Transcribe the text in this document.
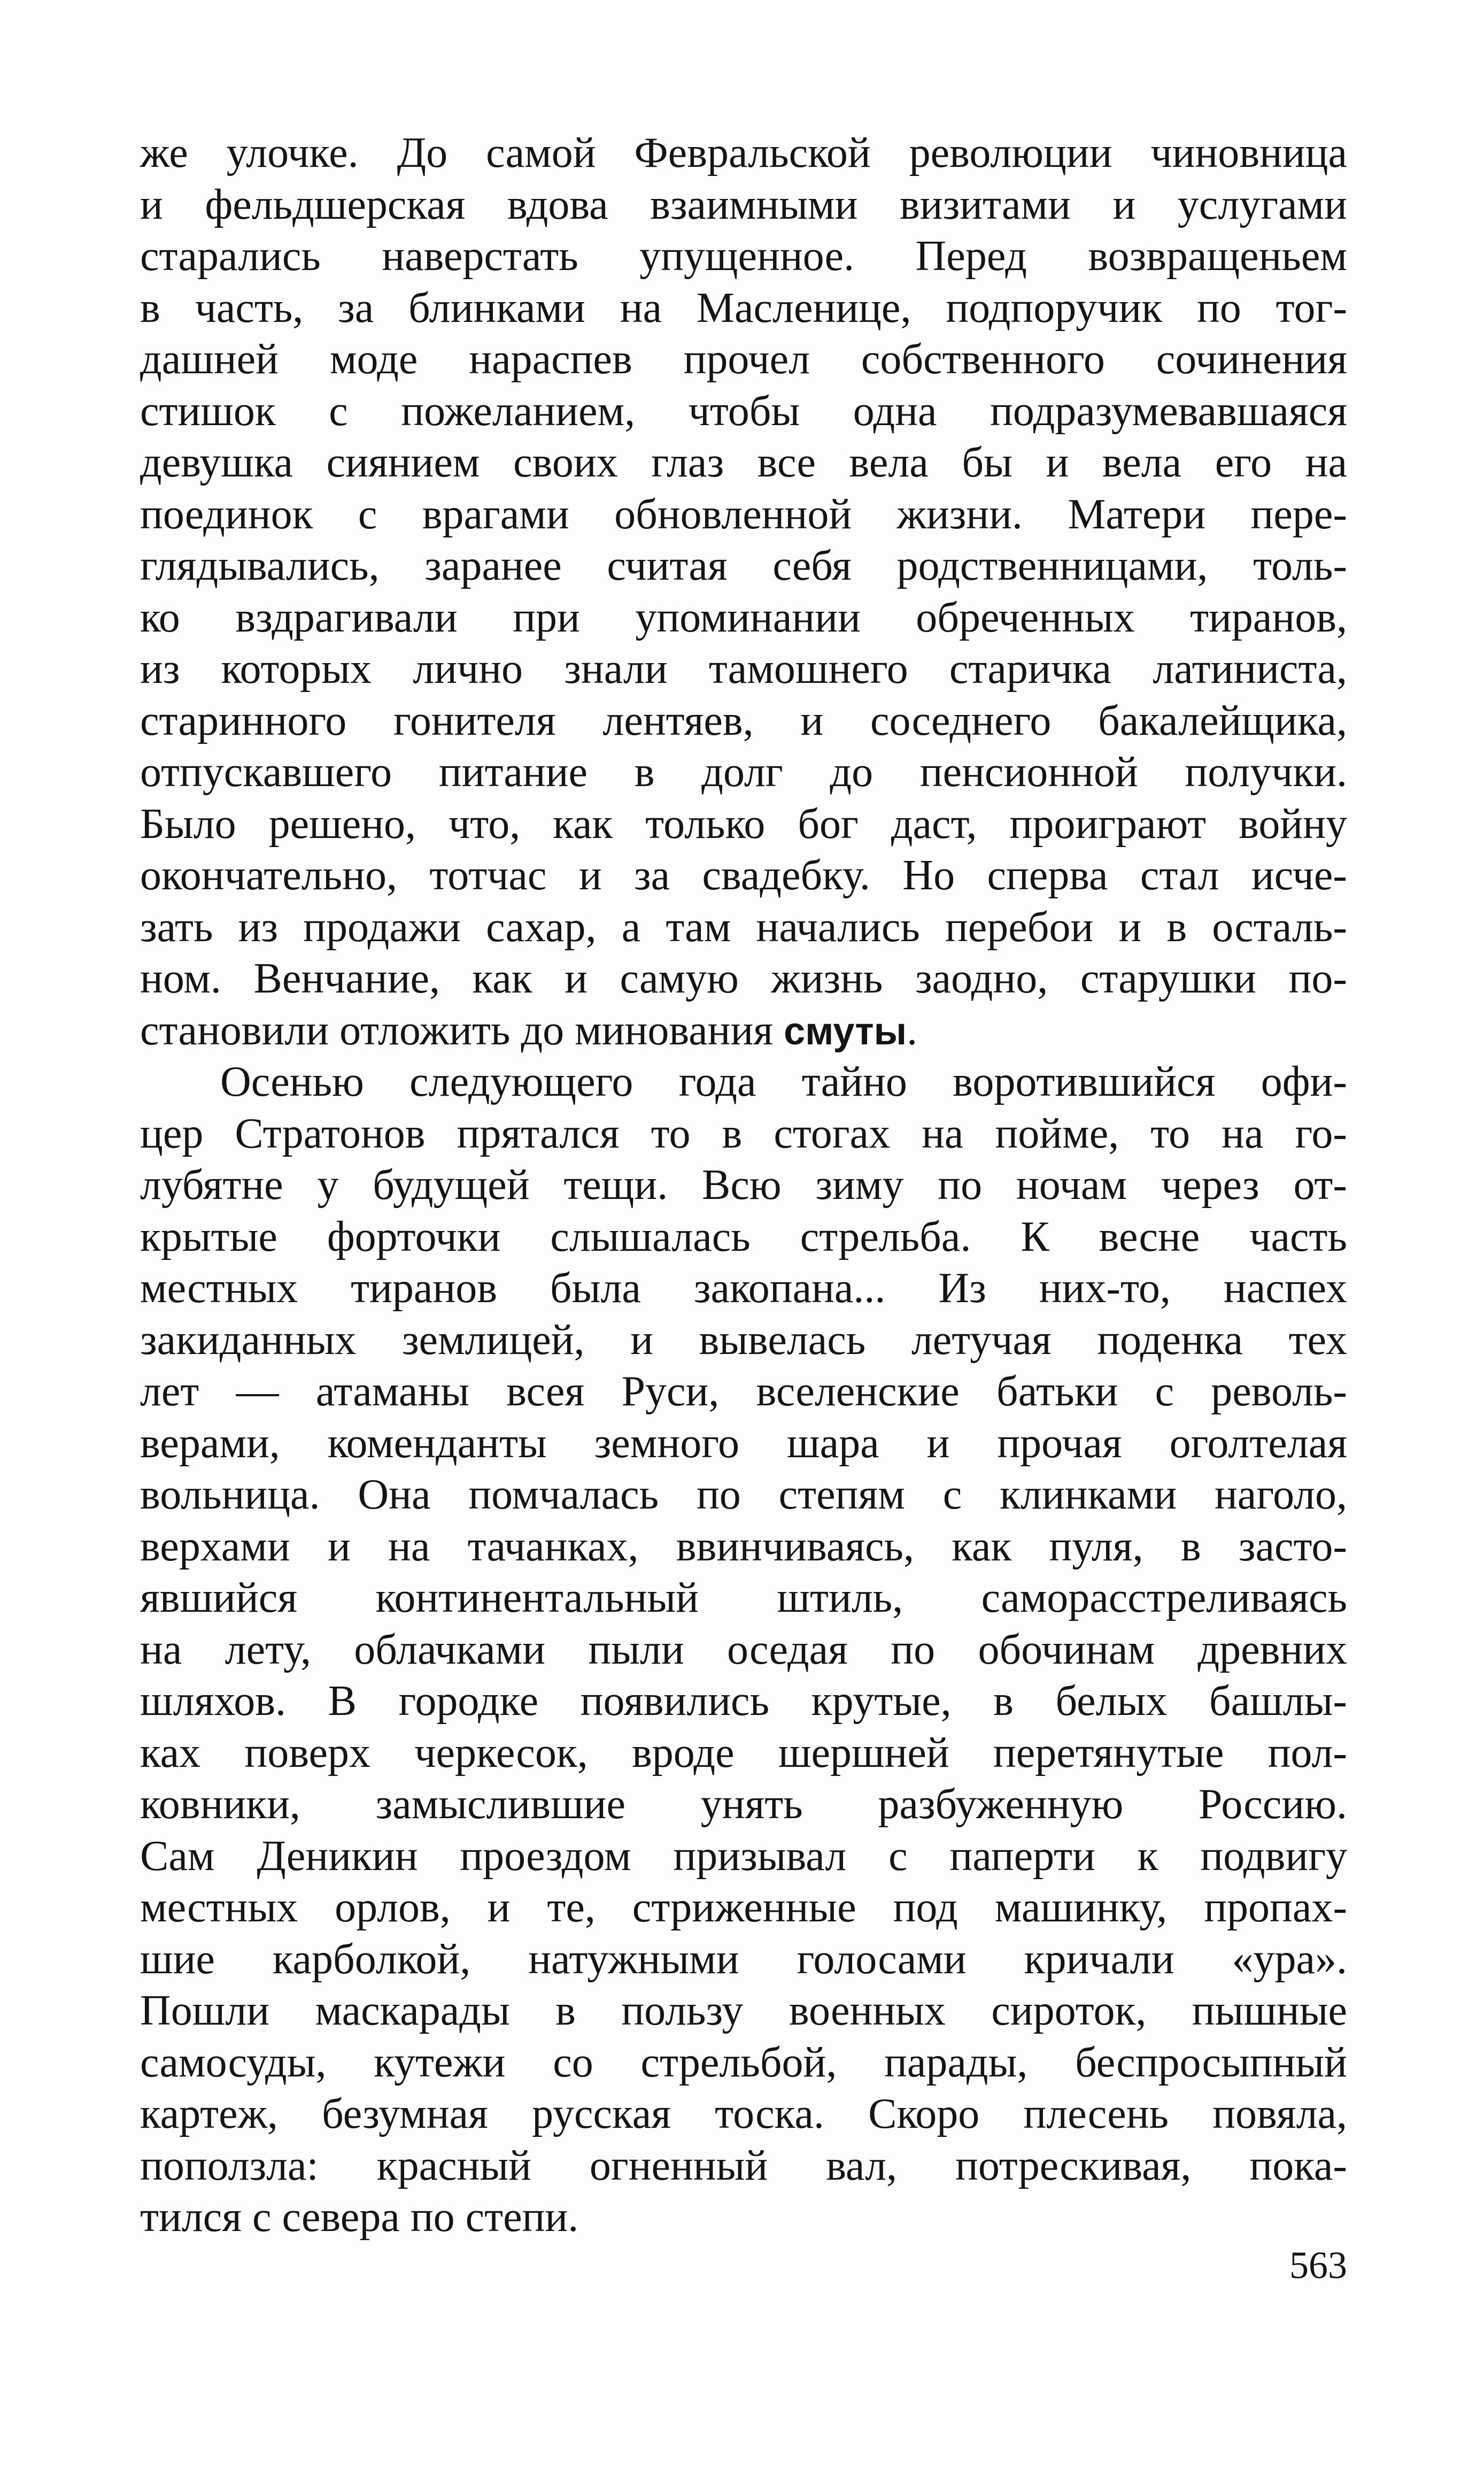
же улочке. До самой Февральской революции чиновница
и фельдшерская вдова взаимными визитами и услугами
старались наверстать упущенное. Перед возвращеньем
в часть, за блинками на Масленице, подпоручик по тог-
дашней моде нараспев прочел собственного сочинения
стишок с пожеланием, чтобы одна подразумевавшаяся
девушка сиянием своих глаз все вела бы и вела его на
поединок с врагами обновленной жизни. Матери пере-
глядывались, заранее считая себя родственницами, толь-
ко вздрагивали при упоминании обреченных тиранов,
из которых лично знали тамошнего старичка латиниста,
старинного гонителя лентяев, и соседнего бакалейщика,
отпускавшего питание в долг до пенсионной получки.
Было решено, что, как только бог даст, проиграют войну
окончательно, тотчас и за свадебку. Но сперва стал исче-
зать из продажи сахар, а там начались перебои и в осталь-
ном. Венчание, как и самую жизнь заодно, старушки по-
становили отложить до минования смуты.
Осенью следующего года тайно воротившийся офи-
цер Стратонов прятался то в стогах на пойме, то на го-
лубятне у будущей тещи. Всю зиму по ночам через от-
крытые форточки слышалась стрельба. К весне часть
местных тиранов была закопана... Из них-то, наспех
закиданных землицей, и вывелась летучая поденка тех
лет — атаманы всея Руси, вселенские батьки с револь-
верами, коменданты земного шара и прочая оголтелая
вольница. Она помчалась по степям с клинками наголо,
верхами и на тачанках, ввинчиваясь, как пуля, в засто-
явшийся континентальный штиль, саморасстреливаясь
на лету, облачками пыли оседая по обочинам древних
шляхов. В городке появились крутые, в белых башлы-
ках поверх черкесок, вроде шершней перетянутые пол-
ковники, замыслившие унять разбуженную Россию.
Сам Деникин проездом призывал с паперти к подвигу
местных орлов, и те, стриженные под машинку, пропах-
шие карболкой, натужными голосами кричали «ура».
Пошли маскарады в пользу военных сироток, пышные
самосуды, кутежи со стрельбой, парады, беспросыпный
картеж, безумная русская тоска. Скоро плесень повяла,
поползла: красный огненный вал, потрескивая, пока-
тился с севера по степи.
563
